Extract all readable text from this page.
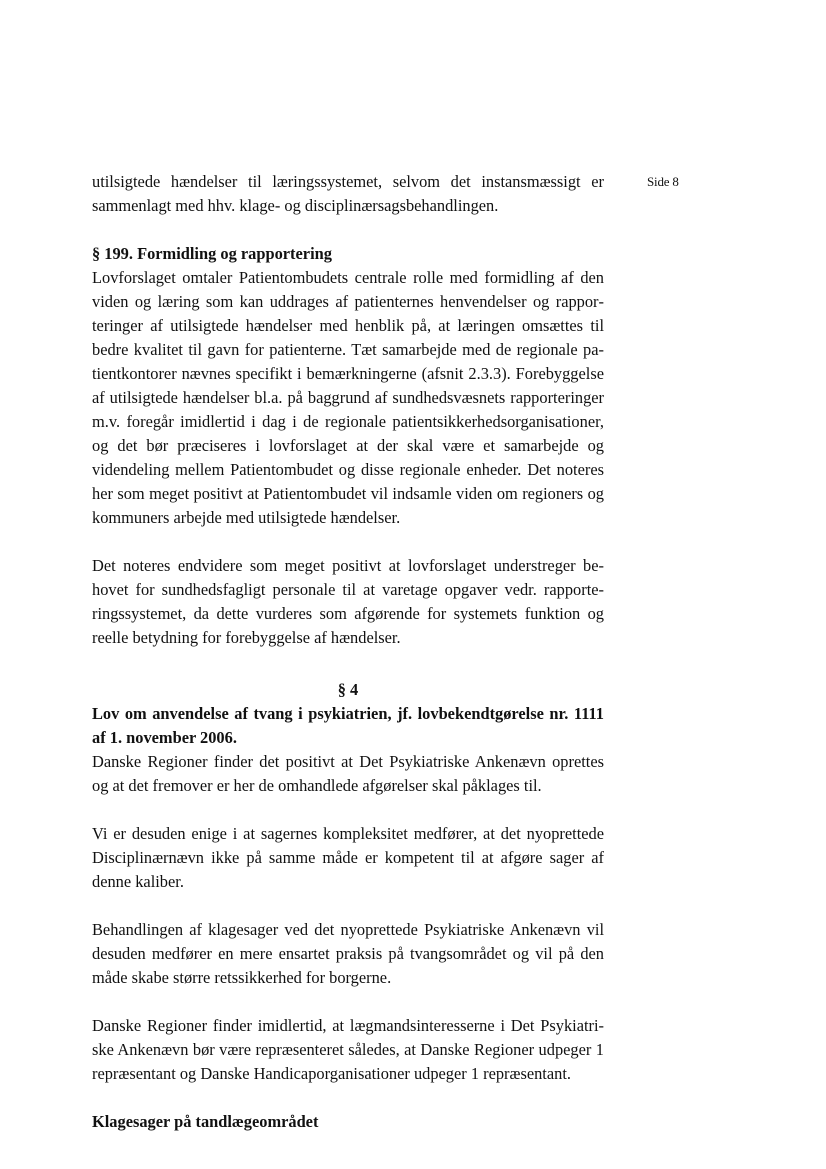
Side 8

utilsigtede hændelser til læringssystemet, selvom det instansmæssigt er sammenlagt med hhv. klage- og disciplinærsagsbehandlingen.

§ 199. Formidling og rapportering

Lovforslaget omtaler Patientombudets centrale rolle med formidling af den viden og læring som kan uddrages af patienternes henvendelser og rapporteringer af utilsigtede hændelser med henblik på, at læringen omsættes til bedre kvalitet til gavn for patienterne. Tæt samarbejde med de regionale patientkontorer nævnes specifikt i bemærkningerne (afsnit 2.3.3). Forebyggelse af utilsigtede hændelser bl.a. på baggrund af sundhedsvæsnets rapporteringer m.v. foregår imidlertid i dag i de regionale patientsikkerhedsorganisationer, og det bør præciseres i lovforslaget at der skal være et samarbejde og videndeling mellem Patientombudet og disse regionale enheder. Det noteres her som meget positivt at Patientombudet vil indsamle viden om regioners og kommuners arbejde med utilsigtede hændelser.

Det noteres endvidere som meget positivt at lovforslaget understreger behovet for sundhedsfagligt personale til at varetage opgaver vedr. rapporteringssystemet, da dette vurderes som afgørende for systemets funktion og reelle betydning for forebyggelse af hændelser.

§ 4

Lov om anvendelse af tvang i psykiatrien, jf. lovbekendtgørelse nr. 1111 af 1. november 2006.

Danske Regioner finder det positivt at Det Psykiatriske Ankenævn oprettes og at det fremover er her de omhandlede afgørelser skal påklages til.

Vi er desuden enige i at sagernes kompleksitet medfører, at det nyoprettede Disciplinærnævn ikke på samme måde er kompetent til at afgøre sager af denne kaliber.

Behandlingen af klagesager ved det nyoprettede Psykiatriske Ankenævn vil desuden medfører en mere ensartet praksis på tvangsområdet og vil på den måde skabe større retssikkerhed for borgerne.

Danske Regioner finder imidlertid, at lægmandsinteresserne i Det Psykiatriske Ankenævn bør være repræsenteret således, at Danske Regioner udpeger 1 repræsentant og Danske Handicaporganisationer udpeger 1 repræsentant.

Klagesager på tandlægeområdet
